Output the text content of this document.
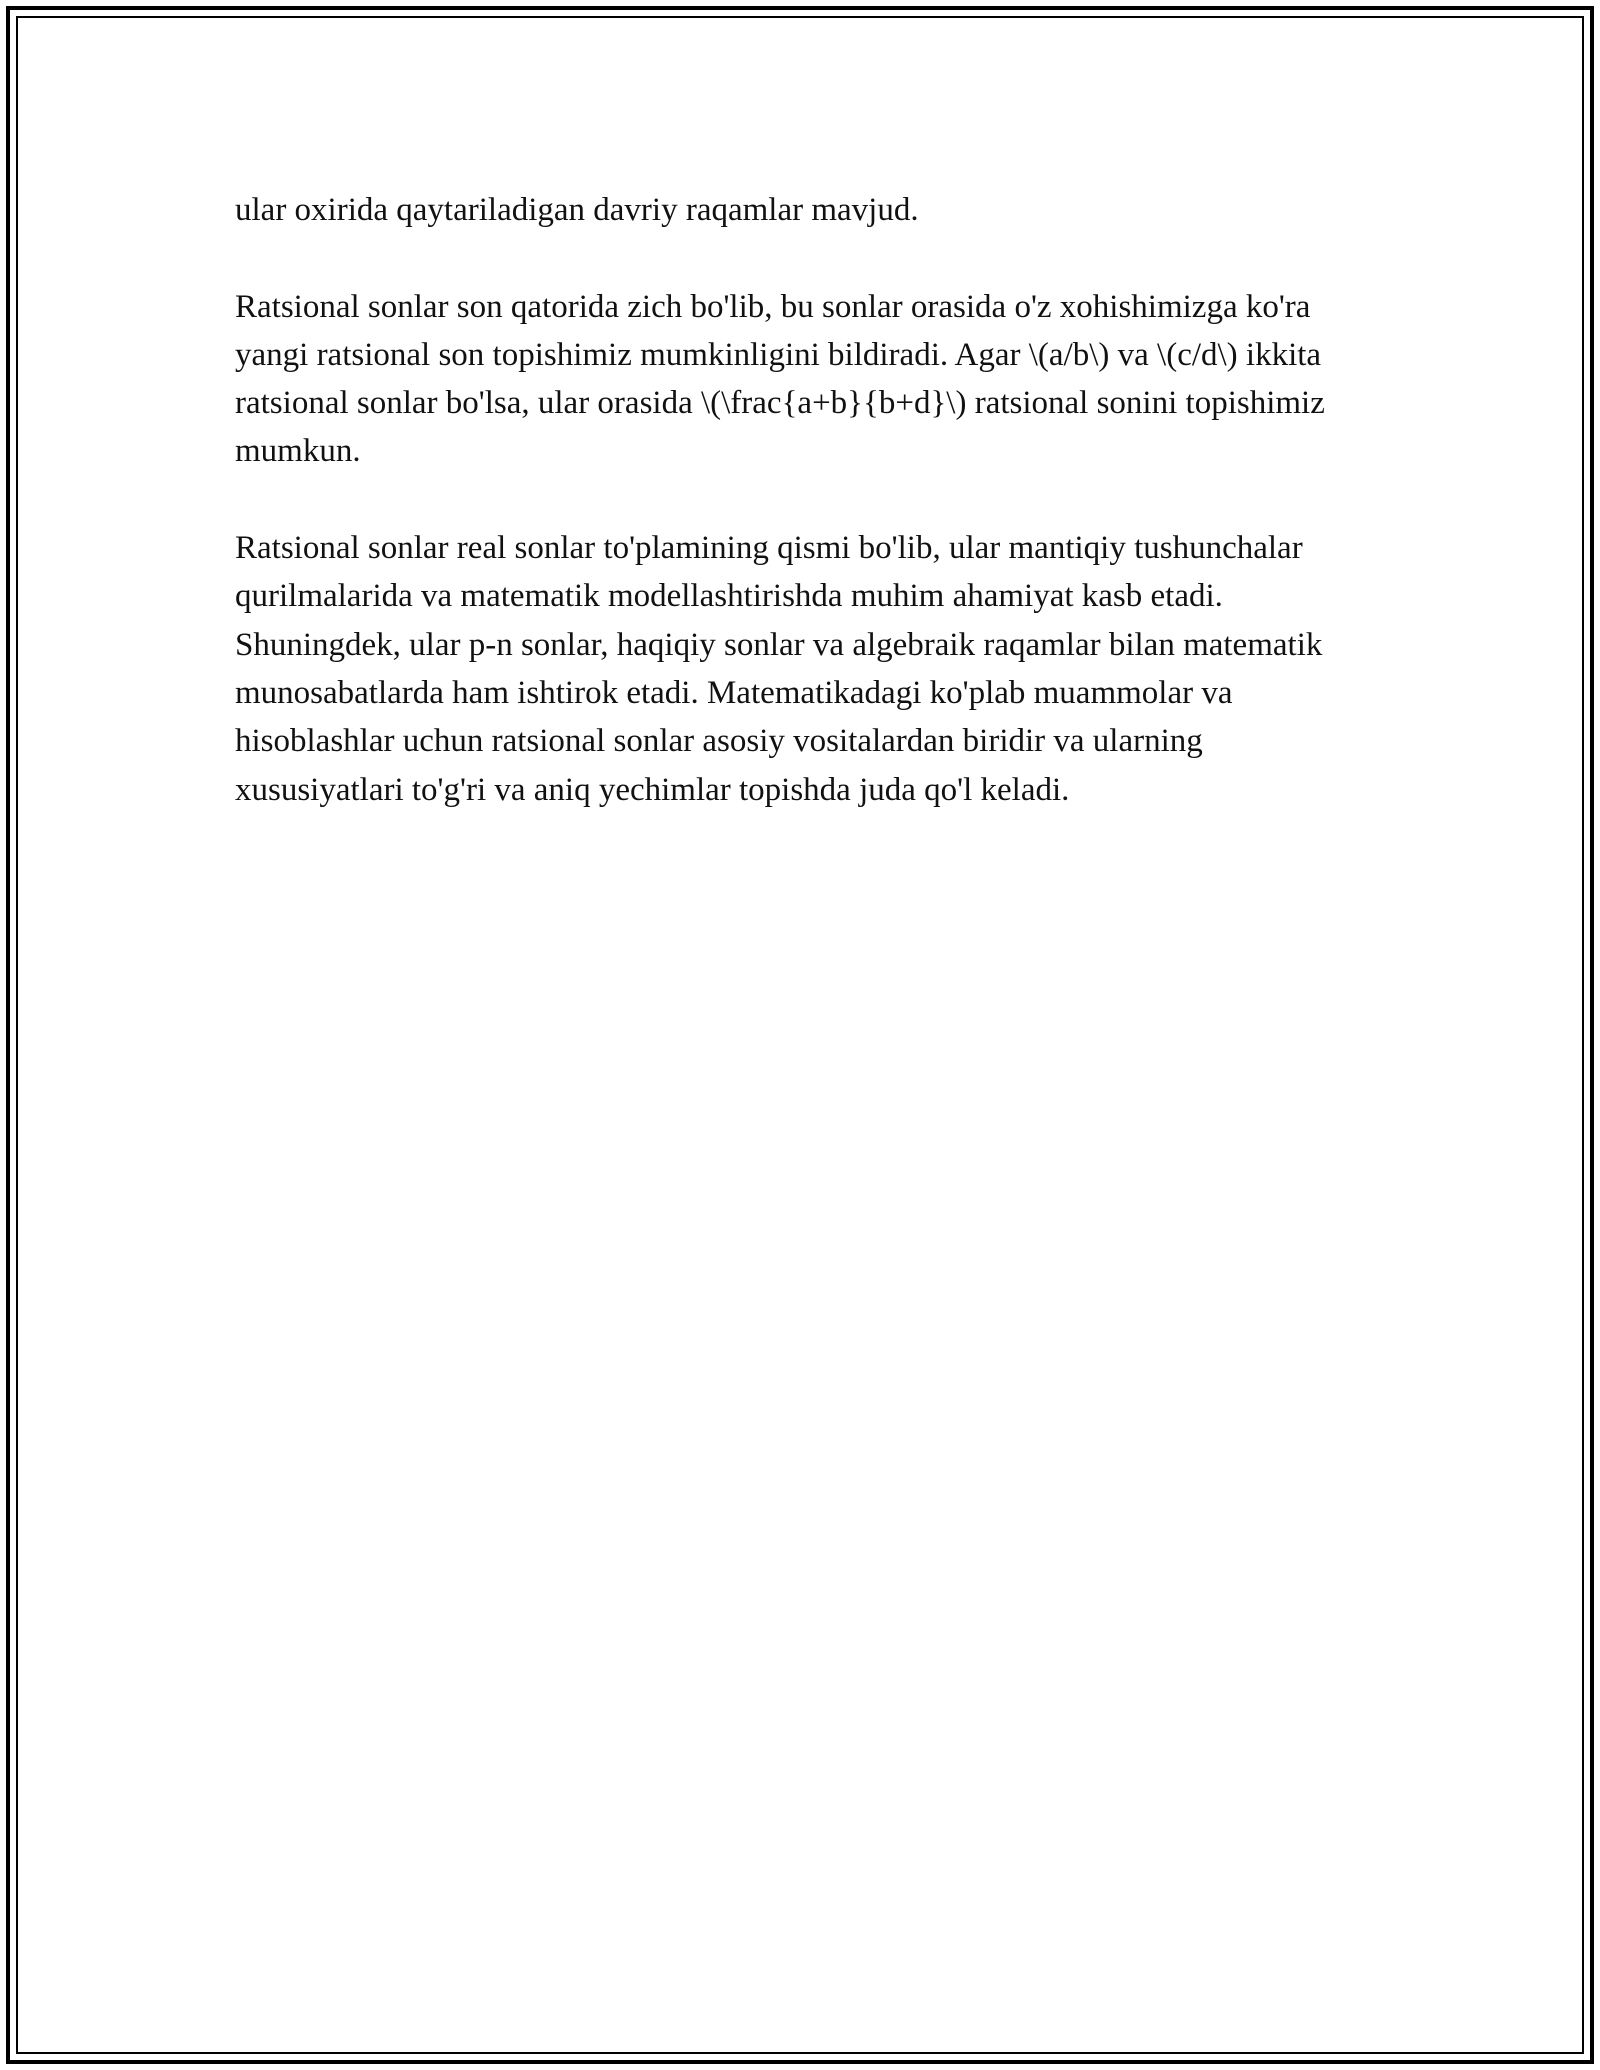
ular oxirida qaytariladigan davriy raqamlar mavjud.

Ratsional sonlar son qatorida zich bo'lib, bu sonlar orasida o'z xohishimizga ko'ra yangi ratsional son topishimiz mumkinligini bildiradi. Agar \(a/b\) va \(c/d\) ikkita ratsional sonlar bo'lsa, ular orasida \(\frac{a+b}{b+d}\) ratsional sonini topishimiz mumkun.

Ratsional sonlar real sonlar to'plamining qismi bo'lib, ular mantiqiy tushunchalar qurilmalarida va matematik modellashtirishda muhim ahamiyat kasb etadi. Shuningdek, ular p-n sonlar, haqiqiy sonlar va algebraik raqamlar bilan matematik munosabatlarda ham ishtirok etadi. Matematikadagi ko'plab muammolar va hisoblashlar uchun ratsional sonlar asosiy vositalardan biridir va ularning xususiyatlari to'g'ri va aniq yechimlar topishda juda qo'l keladi.
